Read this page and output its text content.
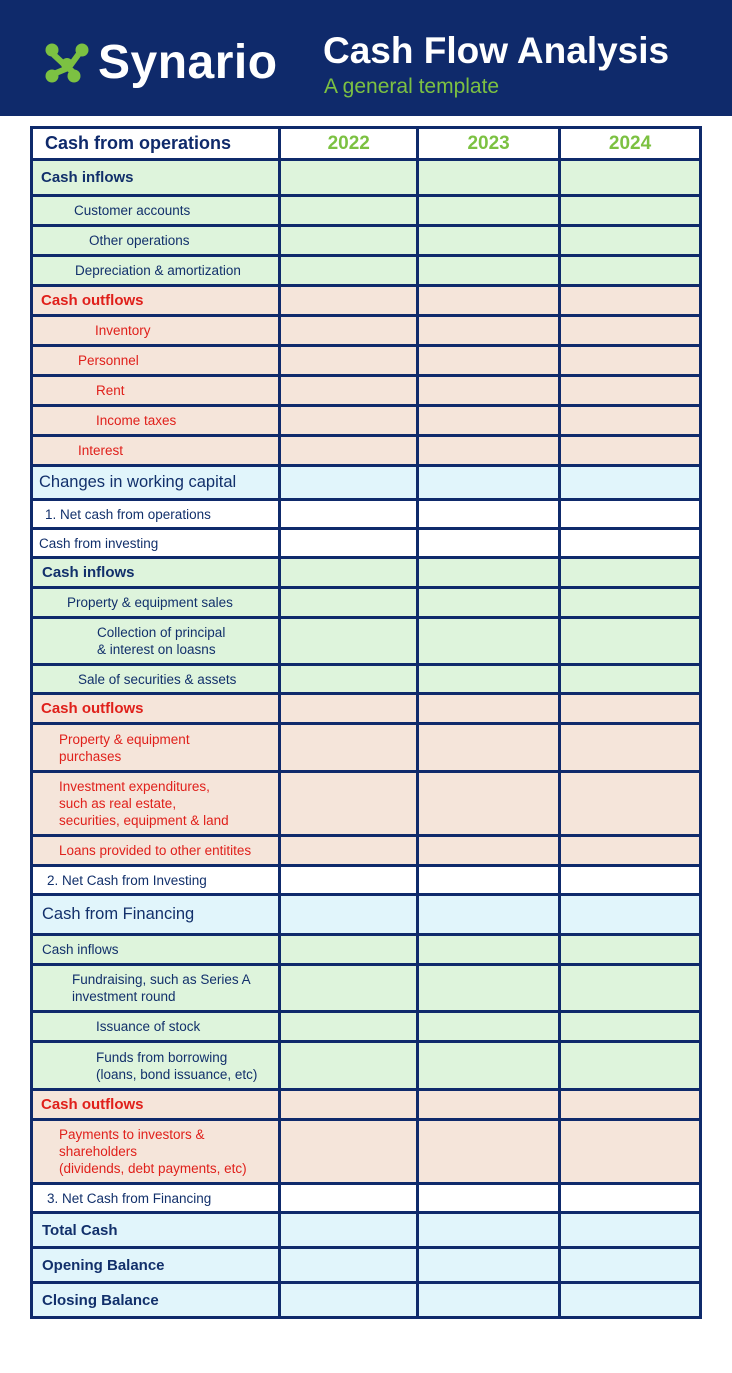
Synario Cash Flow Analysis
A general template
Cash from operations	2022	2023	2024
Cash inflows			
Customer accounts			
Other operations			
Depreciation & amortization			
Cash outflows			
Inventory			
Personnel			
Rent			
Income taxes			
Interest			
Changes in working capital			
1. Net cash from operations			
Cash from investing			
Cash inflows			
Property & equipment sales			

Collection of principal
& interest on loasns			

Sale of securities & assets			
Cash outflows			

Property & equipment
purchases			

Investment expenditures,
such as real estate,
securities, equipment & land			

Loans provided to other entitites			
2. Net Cash from Investing			
Cash from Financing			
Cash inflows			

Fundraising, such as Series A
investment round			

Issuance of stock			

Funds from borrowing
(loans, bond issuance, etc)			

Cash outflows			

Payments to investors &
shareholders
(dividends, debt payments, etc)			

3. Net Cash from Financing			
Total Cash			
Opening Balance			
Closing Balance			
